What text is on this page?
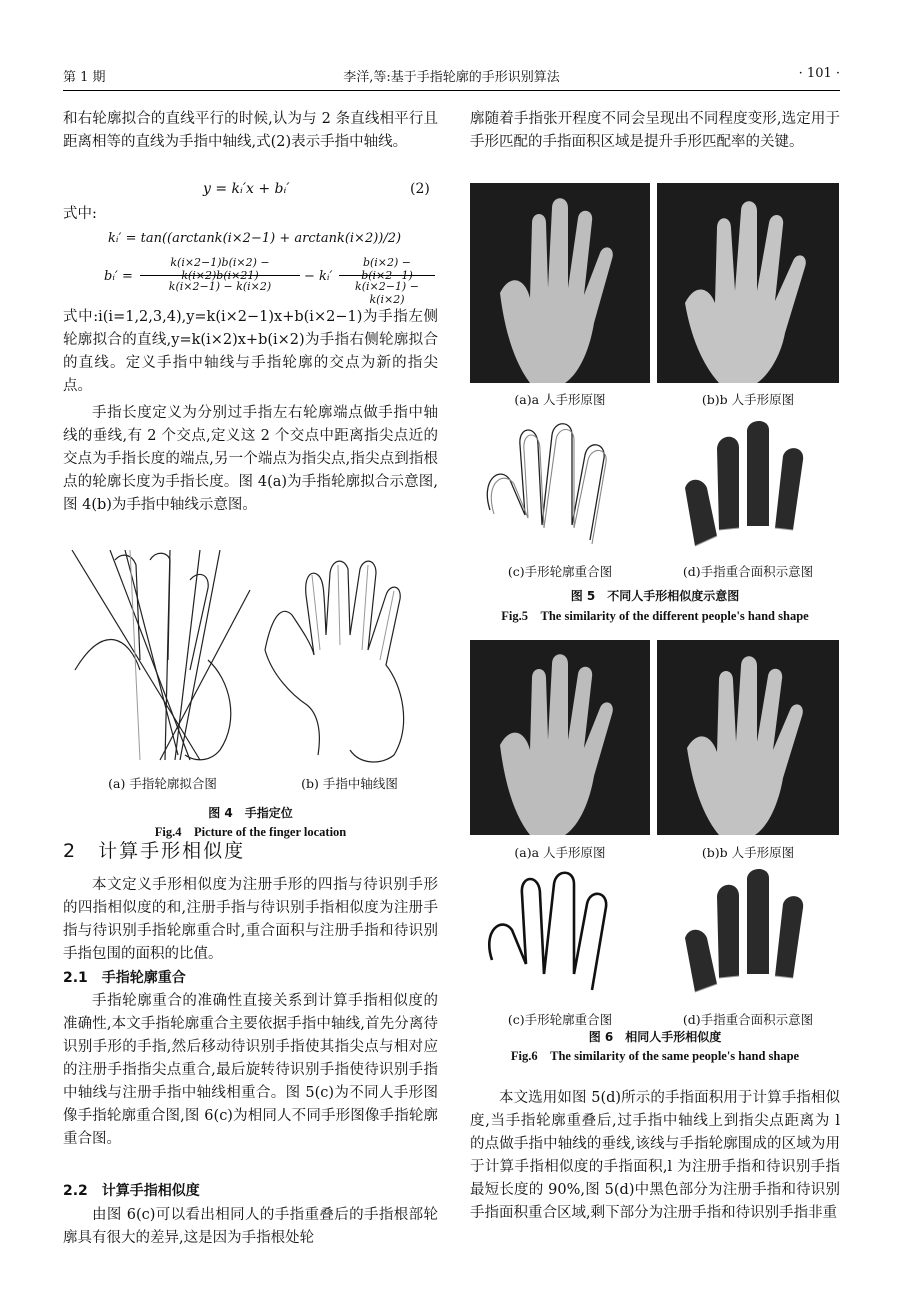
第 1 期	李洋,等:基于手指轮廓的手形识别算法	· 101 ·

和右轮廓拟合的直线平行的时候,认为与 2 条直线相平行且距离相等的直线为手指中轴线,式(2)表示手指中轴线。

y = kᵢ′x + bᵢ′	(2)

式中:

kᵢ′ = tan((arctank(i×2−1) + arctank(i×2))/2)
bᵢ′ =
k(i×2−1)b(i×2) − k(i×2)b(i×21)
k(i×2−1) − k(i×2)
− kᵢ′
b(i×2) − b(i×2−1)
k(i×2−1) − k(i×2)

式中:i(i=1,2,3,4),y=k(i×2−1)x+b(i×2−1)为手指左侧轮廓拟合的直线,y=k(i×2)x+b(i×2)为手指右侧轮廓拟合的直线。定义手指中轴线与手指轮廓的交点为新的指尖点。

手指长度定义为分别过手指左右轮廓端点做手指中轴线的垂线,有 2 个交点,定义这 2 个交点中距离指尖点近的交点为手指长度的端点,另一个端点为指尖点,指尖点到指根点的轮廓长度为手指长度。图 4(a)为手指轮廓拟合示意图,图 4(b)为手指中轴线示意图。

(a) 手指轮廓拟合图	(b) 手指中轴线图
图 4　手指定位
Fig.4　Picture of the finger location
2　计算手形相似度

本文定义手形相似度为注册手形的四指与待识别手形的四指相似度的和,注册手指与待识别手指相似度为注册手指与待识别手指轮廓重合时,重合面积与注册手指和待识别手指包围的面积的比值。

2.1　手指轮廓重合

手指轮廓重合的准确性直接关系到计算手指相似度的准确性,本文手指轮廓重合主要依据手指中轴线,首先分离待识别手形的手指,然后移动待识别手指使其指尖点与相对应的注册手指指尖点重合,最后旋转待识别手指使待识别手指中轴线与注册手指中轴线相重合。图 5(c)为不同人手形图像手指轮廓重合图,图 6(c)为相同人不同手形图像手指轮廓重合图。

2.2　计算手指相似度

由图 6(c)可以看出相同人的手指重叠后的手指根部轮廓具有很大的差异,这是因为手指根处轮

廓随着手指张开程度不同会呈现出不同程度变形,选定用于手形匹配的手指面积区域是提升手形匹配率的关键。

(a)a 人手形原图	(b)b 人手形原图
(c)手形轮廓重合图	(d)手指重合面积示意图
图 5　不同人手形相似度示意图
Fig.5　The similarity of the different people's hand shape
(a)a 人手形原图	(b)b 人手形原图
(c)手形轮廓重合图	(d)手指重合面积示意图
图 6　相同人手形相似度
Fig.6　The similarity of the same people's hand shape

本文选用如图 5(d)所示的手指面积用于计算手指相似度,当手指轮廓重叠后,过手指中轴线上到指尖点距离为 l 的点做手指中轴线的垂线,该线与手指轮廓围成的区域为用于计算手指相似度的手指面积,l 为注册手指和待识别手指最短长度的 90%,图 5(d)中黑色部分为注册手指和待识别手指面积重合区域,剩下部分为注册手指和待识别手指非重
